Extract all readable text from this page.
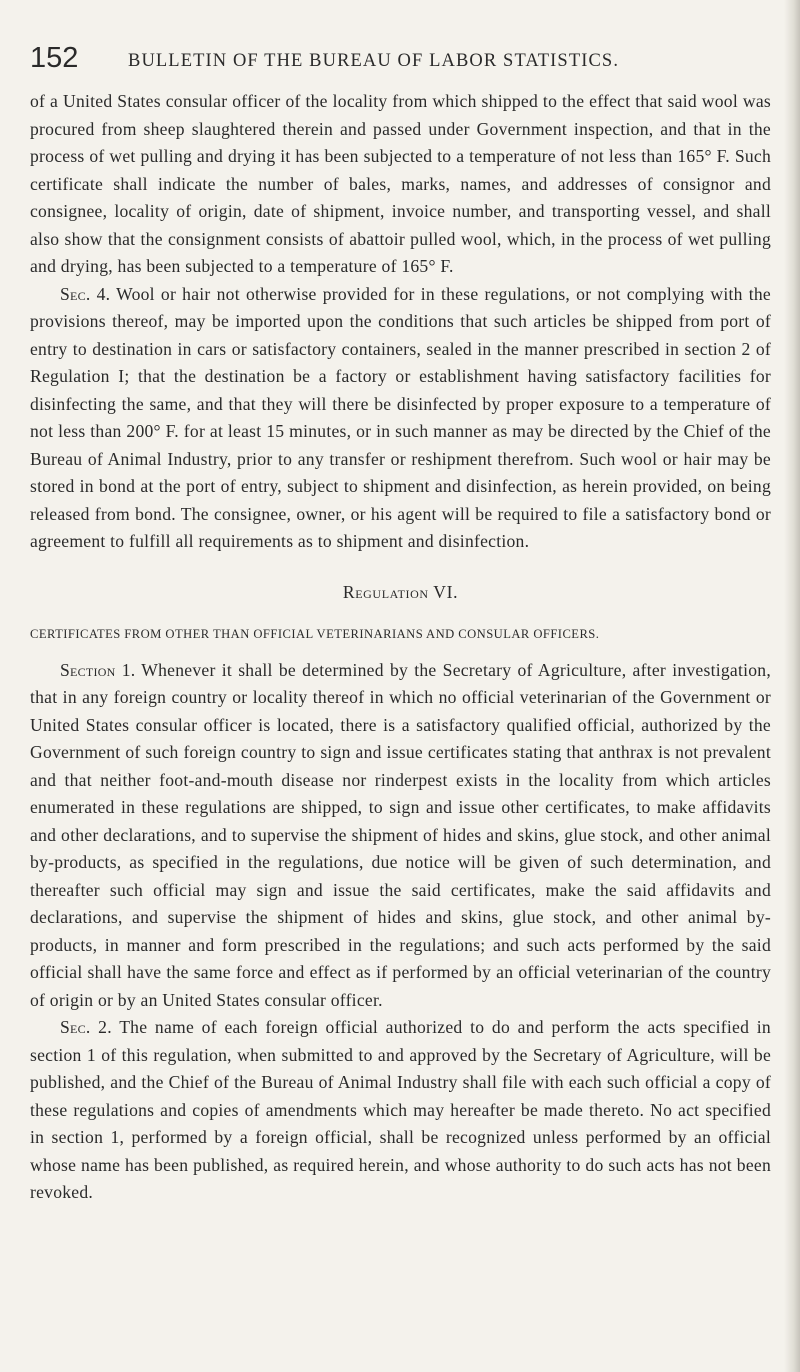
152	BULLETIN OF THE BUREAU OF LABOR STATISTICS.

of a United States consular officer of the locality from which shipped to the effect that said wool was procured from sheep slaughtered therein and passed under Government inspection, and that in the process of wet pulling and drying it has been subjected to a temperature of not less than 165° F. Such certificate shall indicate the number of bales, marks, names, and addresses of consignor and consignee, locality of origin, date of shipment, invoice number, and transporting vessel, and shall also show that the consignment consists of abattoir pulled wool, which, in the process of wet pulling and drying, has been subjected to a temperature of 165° F.

Sec. 4. Wool or hair not otherwise provided for in these regulations, or not complying with the provisions thereof, may be imported upon the conditions that such articles be shipped from port of entry to destination in cars or satisfactory containers, sealed in the manner prescribed in section 2 of Regulation I; that the destination be a factory or establishment having satisfactory facilities for disinfecting the same, and that they will there be disinfected by proper exposure to a temperature of not less than 200° F. for at least 15 minutes, or in such manner as may be directed by the Chief of the Bureau of Animal Industry, prior to any transfer or reshipment therefrom. Such wool or hair may be stored in bond at the port of entry, subject to shipment and disinfection, as herein provided, on being released from bond. The consignee, owner, or his agent will be required to file a satisfactory bond or agreement to fulfill all requirements as to shipment and disinfection.

Regulation VI.
CERTIFICATES FROM OTHER THAN OFFICIAL VETERINARIANS AND CONSULAR OFFICERS.

Section 1. Whenever it shall be determined by the Secretary of Agriculture, after investigation, that in any foreign country or locality thereof in which no official veterinarian of the Government or United States consular officer is located, there is a satisfactory qualified official, authorized by the Government of such foreign country to sign and issue certificates stating that anthrax is not prevalent and that neither foot-and-mouth disease nor rinderpest exists in the locality from which articles enumerated in these regulations are shipped, to sign and issue other certificates, to make affidavits and other declarations, and to supervise the shipment of hides and skins, glue stock, and other animal by-products, as specified in the regulations, due notice will be given of such determination, and thereafter such official may sign and issue the said certificates, make the said affidavits and declarations, and supervise the shipment of hides and skins, glue stock, and other animal by-products, in manner and form prescribed in the regulations; and such acts performed by the said official shall have the same force and effect as if performed by an official veterinarian of the country of origin or by an United States consular officer.

Sec. 2. The name of each foreign official authorized to do and perform the acts specified in section 1 of this regulation, when submitted to and approved by the Secretary of Agriculture, will be published, and the Chief of the Bureau of Animal Industry shall file with each such official a copy of these regulations and copies of amendments which may hereafter be made thereto. No act specified in section 1, performed by a foreign official, shall be recognized unless performed by an official whose name has been published, as required herein, and whose authority to do such acts has not been revoked.
